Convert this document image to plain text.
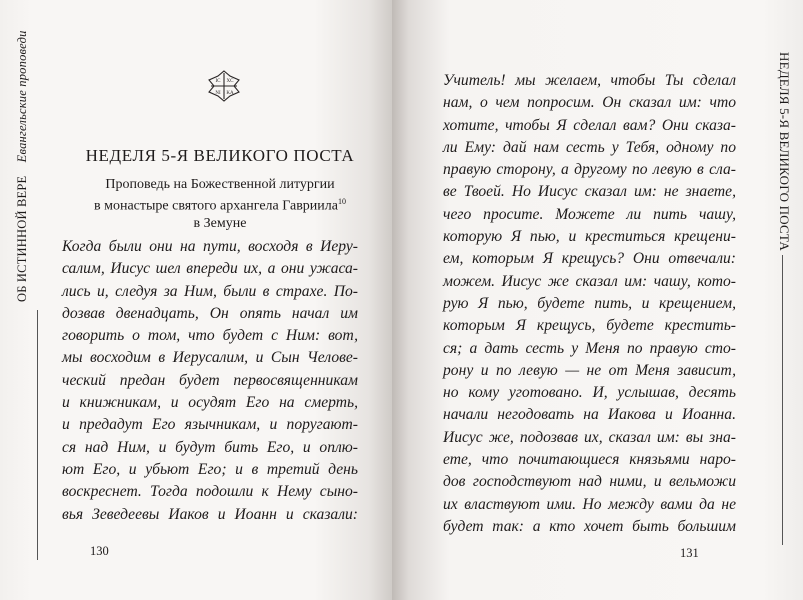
ОБ ИСТИННОЙ ВЕРЕ Евангельские проповеди	IC XC
NI KA
НЕДЕЛЯ 5-Я ВЕЛИКОГО ПОСТА
Проповедь на Божественной литургии
в монастыре святого архангела Гавриила$^{10}$
в Земуне
Когда были они на пути, восходя в Иеру-
салим, Иисус шел впереди их, а они ужаса-
лись и, следуя за Ним, были в страхе. По-
дозвав двенадцать, Он опять начал им
говорить о том, что будет с Ним: вот,
мы восходим в Иерусалим, и Сын Челове-
ческий предан будет первосвященникам
и книжникам, и осудят Его на смерть,
и предадут Его язычникам, и поругают-
ся над Ним, и будут бить Его, и оплю-
ют Его, и убьют Его; и в третий день
воскреснет. Тогда подошли к Нему сыно-
вья Зеведеевы Иаков и Иоанн и сказали:
130
Учитель! мы желаем, чтобы Ты сделал
нам, о чем попросим. Он сказал им: что
хотите, чтобы Я сделал вам? Они сказа-
ли Ему: дай нам сесть у Тебя, одному по
правую сторону, а другому по левую в сла-
ве Твоей. Но Иисус сказал им: не знаете,
чего просите. Можете ли пить чашу,
которую Я пью, и креститься крещени-
ем, которым Я крещусь? Они отвечали:
можем. Иисус же сказал им: чашу, кото-
рую Я пью, будете пить, и крещением,
которым Я крещусь, будете крестить-
ся; а дать сесть у Меня по правую сто-
рону и по левую — не от Меня зависит,
но кому уготовано. И, услышав, десять
начали негодовать на Иакова и Иоанна.
Иисус же, подозвав их, сказал им: вы зна-
ете, что почитающиеся князьями наро-
дов господствуют над ними, и вельможи
их властвуют ими. Но между вами да не
будет так: а кто хочет быть большим
131
НЕДЕЛЯ 5-Я ВЕЛИКОГО ПОСТА
